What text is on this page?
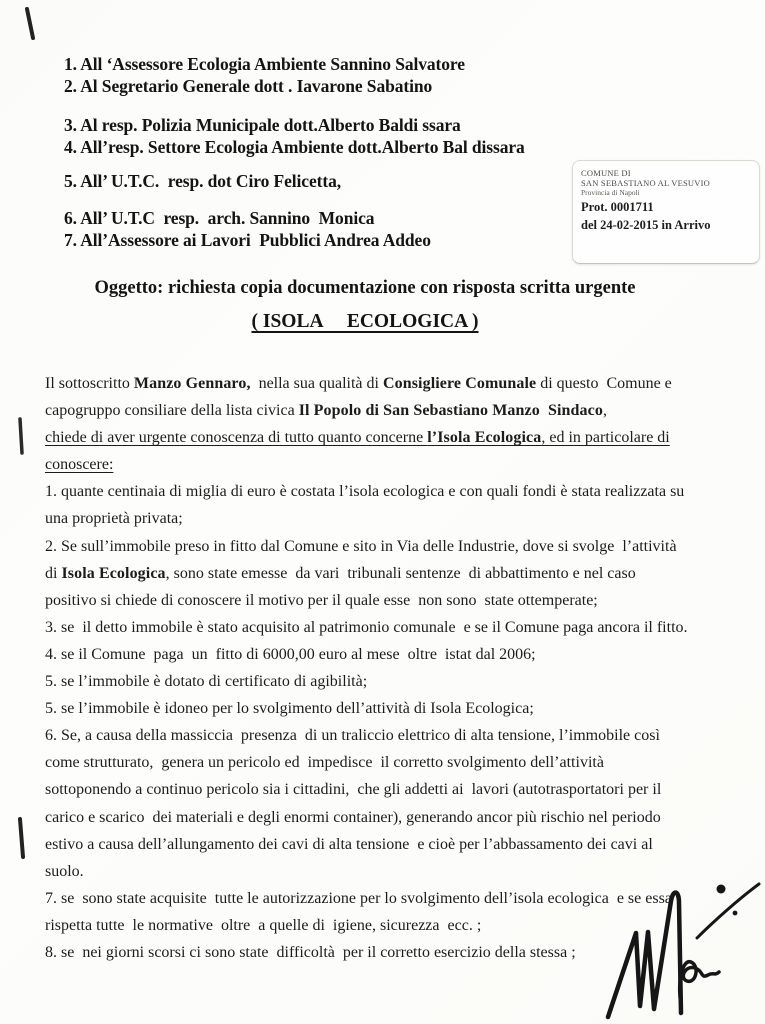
1. All ‘Assessore Ecologia Ambiente Sannino Salvatore
2. Al Segretario Generale dott . Iavarone Sabatino
3. Al resp. Polizia Municipale dott.Alberto Baldi ssara
4. All’resp. Settore Ecologia Ambiente dott.Alberto Bal dissara
5. All’ U.T.C.  resp. dot Ciro Felicetta,
6. All’ U.T.C  resp.  arch. Sannino  Monica
7. All’Assessore ai Lavori  Pubblici Andrea Addeo
COMUNE DI
SAN SEBASTIANO AL VESUVIO
Provincia di Napoli
Prot. 0001711
del 24-02-2015 in Arrivo
Oggetto: richiesta copia documentazione con risposta scritta urgente
( ISOLA     ECOLOGICA )
Il sottoscritto Manzo Gennaro,  nella sua qualità di Consigliere Comunale di questo  Comune e
capogruppo consiliare della lista civica Il Popolo di San Sebastiano Manzo  Sindaco,
chiede di aver urgente conoscenza di tutto quanto concerne l’Isola Ecologica, ed in particolare di
conoscere:
1. quante centinaia di miglia di euro è costata l’isola ecologica e con quali fondi è stata realizzata su
una proprietà privata;
2. Se sull’immobile preso in fitto dal Comune e sito in Via delle Industrie, dove si svolge  l’attività
di Isola Ecologica, sono state emesse  da vari  tribunali sentenze  di abbattimento e nel caso
positivo si chiede di conoscere il motivo per il quale esse  non sono  state ottemperate;
3. se  il detto immobile è stato acquisito al patrimonio comunale  e se il Comune paga ancora il fitto.
4. se il Comune  paga  un  fitto di 6000,00 euro al mese  oltre  istat dal 2006;
5. se l’immobile è dotato di certificato di agibilità;
5. se l’immobile è idoneo per lo svolgimento dell’attività di Isola Ecologica;
6. Se, a causa della massiccia  presenza  di un traliccio elettrico di alta tensione, l’immobile così
come strutturato,  genera un pericolo ed  impedisce  il corretto svolgimento dell’attività
sottoponendo a continuo pericolo sia i cittadini,  che gli addetti ai  lavori (autotrasportatori per il
carico e scarico  dei materiali e degli enormi container), generando ancor più rischio nel periodo
estivo a causa dell’allungamento dei cavi di alta tensione  e cioè per l’abbassamento dei cavi al
suolo.
7. se  sono state acquisite  tutte le autorizzazione per lo svolgimento dell’isola ecologica  e se essa
rispetta tutte  le normative  oltre  a quelle di  igiene, sicurezza  ecc. ;
8. se  nei giorni scorsi ci sono state  difficoltà  per il corretto esercizio della stessa ;
